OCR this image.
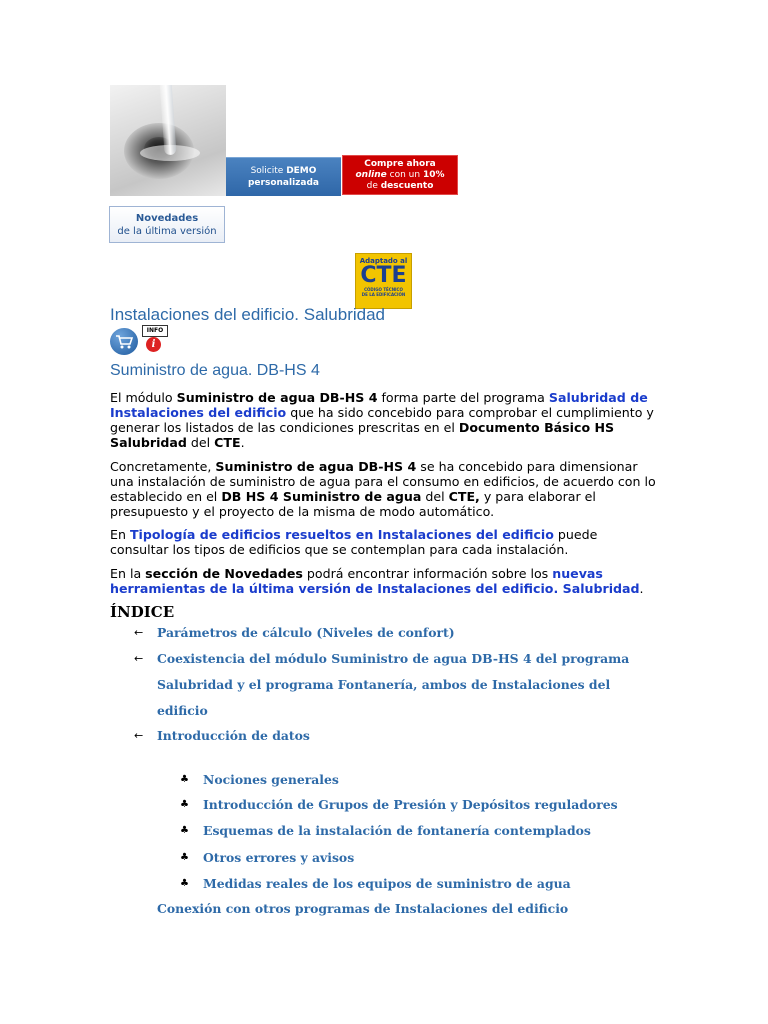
Solicite DEMO
personalizada
Compre ahora
online con un 10%
de descuento
Novedades
de la última versión
Adaptado al
CTE
CÓDIGO TÉCNICO
DE LA EDIFICACIÓN
Instalaciones del edificio. Salubridad
INFO
i
Suministro de agua. DB-HS 4

El módulo Suministro de agua DB-HS 4 forma parte del programa Salubridad de Instalaciones del edificio que ha sido concebido para comprobar el cumplimiento y generar los listados de las condiciones prescritas en el Documento Básico HS Salubridad del CTE.

Concretamente, Suministro de agua DB-HS 4 se ha concebido para dimensionar una instalación de suministro de agua para el consumo en edificios, de acuerdo con lo establecido en el DB HS 4 Suministro de agua del CTE, y para elaborar el presupuesto y el proyecto de la misma de modo automático.

En Tipología de edificios resueltos en Instalaciones del edificio puede consultar los tipos de edificios que se contemplan para cada instalación.

En la sección de Novedades podrá encontrar información sobre los nuevas herramientas de la última versión de Instalaciones del edificio. Salubridad.

ÍNDICE
← Parámetros de cálculo (Niveles de confort)
← Coexistencia del módulo Suministro de agua DB-HS 4 del programa Salubridad y el programa Fontanería, ambos de Instalaciones del edificio
← Introducción de datos
♣ Nociones generales
♣ Introducción de Grupos de Presión y Depósitos reguladores
♣ Esquemas de la instalación de fontanería contemplados
♣ Otros errores y avisos
♣ Medidas reales de los equipos de suministro de agua
Conexión con otros programas de Instalaciones del edificio
